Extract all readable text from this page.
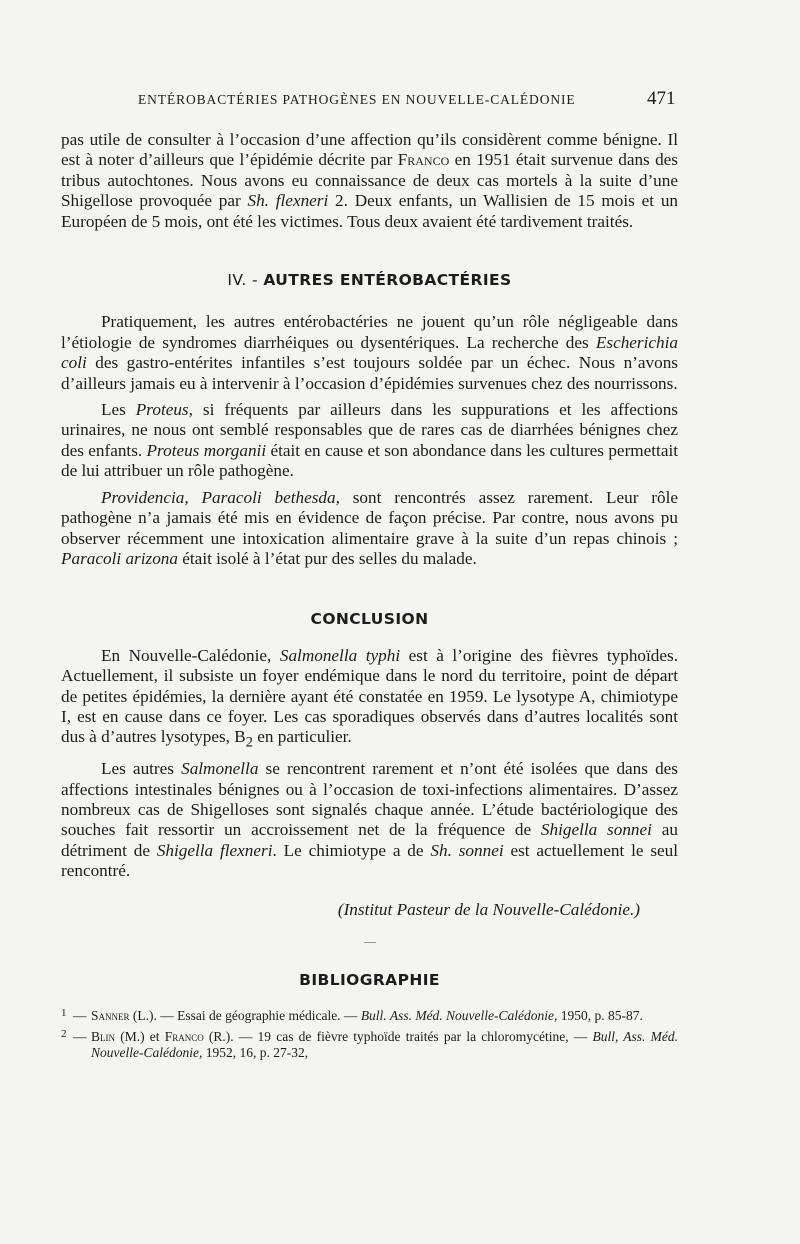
ENTÉROBACTÉRIES PATHOGÈNES EN NOUVELLE-CALÉDONIE	471

pas utile de consulter à l’occasion d’une affection qu’ils considèrent comme bénigne. Il est à noter d’ailleurs que l’épidémie décrite par Franco en 1951 était survenue dans des tribus autochtones. Nous avons eu connaissance de deux cas mortels à la suite d’une Shigellose provoquée par Sh. flexneri 2. Deux enfants, un Wallisien de 15 mois et un Européen de 5 mois, ont été les victimes. Tous deux avaient été tardivement traités.

IV. - AUTRES ENTÉROBACTÉRIES

Pratiquement, les autres entérobactéries ne jouent qu’un rôle négligeable dans l’étiologie de syndromes diarrhéiques ou dysentériques. La recherche des Escherichia coli des gastro-entérites infantiles s’est toujours soldée par un échec. Nous n’avons d’ailleurs jamais eu à intervenir à l’occasion d’épidémies survenues chez des nourrissons.

Les Proteus, si fréquents par ailleurs dans les suppurations et les affections urinaires, ne nous ont semblé responsables que de rares cas de diarrhées bénignes chez des enfants. Proteus morganii était en cause et son abondance dans les cultures permettait de lui attribuer un rôle pathogène.

Providencia, Paracoli bethesda, sont rencontrés assez rarement. Leur rôle pathogène n’a jamais été mis en évidence de façon précise. Par contre, nous avons pu observer récemment une intoxication alimentaire grave à la suite d’un repas chinois ; Paracoli arizona était isolé à l’état pur des selles du malade.

CONCLUSION

En Nouvelle-Calédonie, Salmonella typhi est à l’origine des fièvres typhoïdes. Actuellement, il subsiste un foyer endémique dans le nord du territoire, point de départ de petites épidémies, la dernière ayant été constatée en 1959. Le lysotype A, chimiotype I, est en cause dans ce foyer. Les cas sporadiques observés dans d’autres localités sont dus à d’autres lysotypes, $B_2$ en particulier.

Les autres Salmonella se rencontrent rarement et n’ont été isolées que dans des affections intestinales bénignes ou à l’occasion de toxi-infections alimentaires. D’assez nombreux cas de Shigelloses sont signalés chaque année. L’étude bactériologique des souches fait ressortir un accroissement net de la fréquence de Shigella sonnei au détriment de Shigella flexneri. Le chimiotype a de Sh. sonnei est actuellement le seul rencontré.

(Institut Pasteur de la Nouvelle-Calédonie.)

BIBLIOGRAPHIE

1 — Sanner (L.). — Essai de géographie médicale. — Bull. Ass. Méd. Nouvelle-Calédonie, 1950, p. 85-87.

2 — Blin (M.) et Franco (R.). — 19 cas de fièvre typhoïde traités par la chloromycétine, — Bull, Ass. Méd. Nouvelle-Calédonie, 1952, 16, p. 27-32,
